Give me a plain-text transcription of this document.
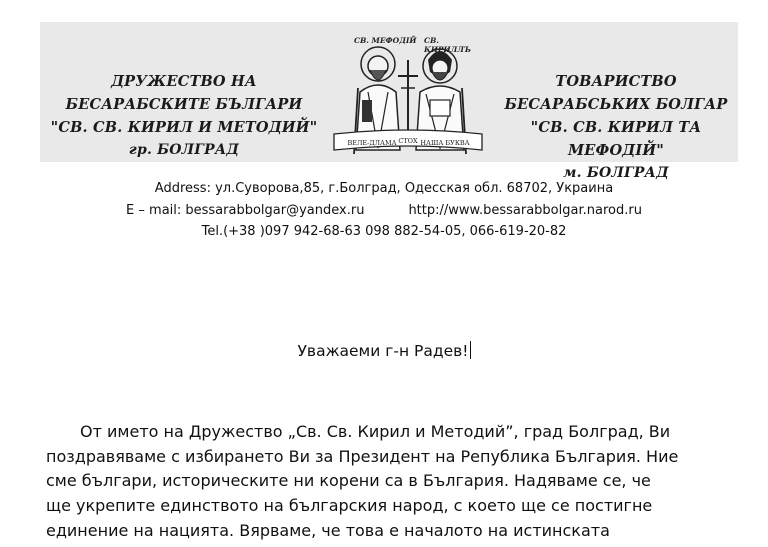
ДРУЖЕСТВО НА БЕСАРАБСКИТЕ БЪЛГАРИ
"СВ. СВ. КИРИЛ И МЕТОДИЙ"
гр. БОЛГРАД	ВЕЛЕ-ДЛАМА СТОХ НАША БУКВА
СВ. МЕФОДІЙ СВ. КИРИЛЛЪ
ТОВАРИСТВО БЕСАРАБСЬКИХ БОЛГАР
"СВ. СВ. КИРИЛ ТА МЕФОДІЙ"
м. БОЛГРАД
Address: ул.Суворова,85, г.Болград, Одесская обл. 68702, Украина
E – mail: bessarabbolgar@yandex.ru	http://www.bessarabbolgar.narod.ru
Tel.(+38 )097 942-68-63 098 882-54-05, 066-619-20-82
Уважаеми г-н Радев!
От името на Дружество „Св. Св. Кирил и Методий”, град Болград, Ви
поздравяваме с избирането Ви за Президент на Република България. Ние
сме българи, историческите ни корени са в България. Надяваме се, че
ще укрепите единството на българския народ, с което ще се постигне
единение на нацията. Вярваме, че това е началото на истинската
